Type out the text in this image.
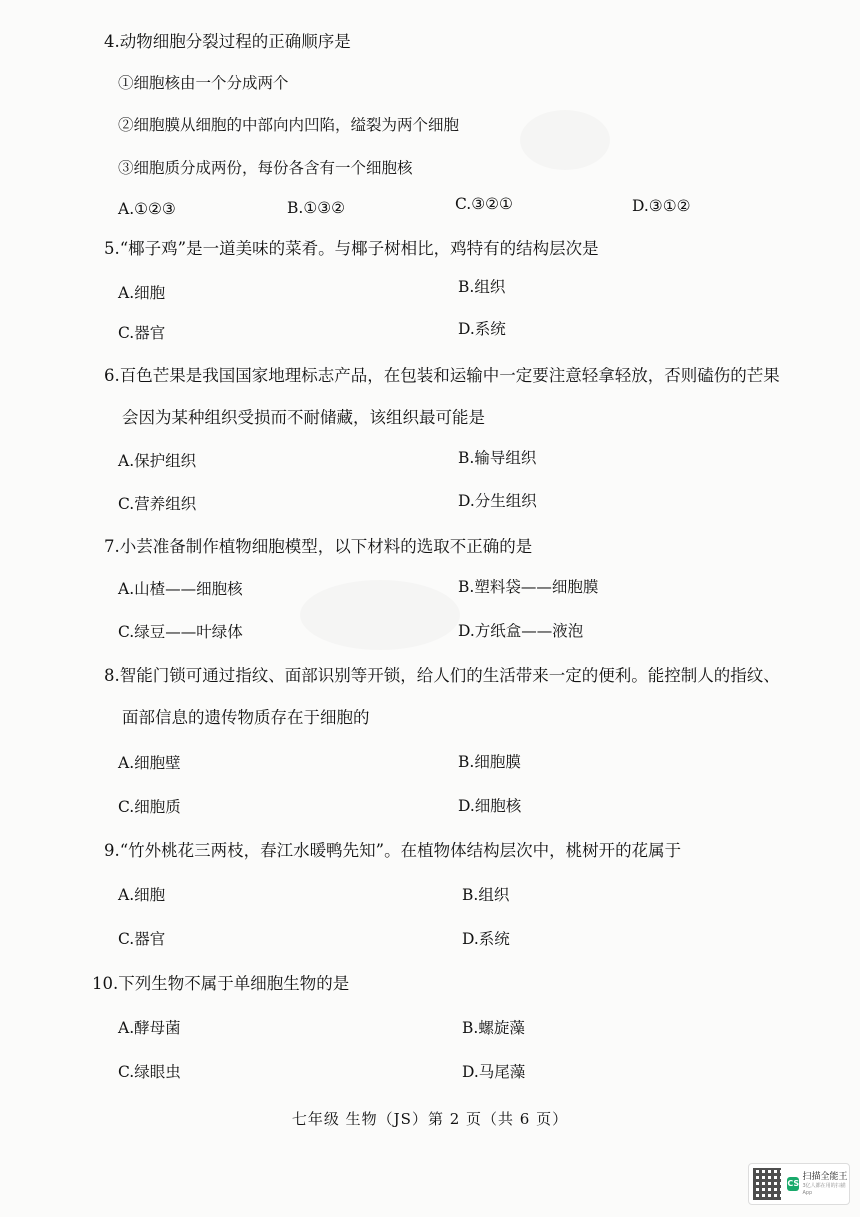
4.动物细胞分裂过程的正确顺序是
①细胞核由一个分成两个
②细胞膜从细胞的中部向内凹陷，缢裂为两个细胞
③细胞质分成两份，每份各含有一个细胞核
A.①②③	B.①③②	C.③②①	D.③①②
5.“椰子鸡”是一道美味的菜肴。与椰子树相比，鸡特有的结构层次是
A.细胞	B.组织
C.器官	D.系统
6.百色芒果是我国国家地理标志产品，在包装和运输中一定要注意轻拿轻放，否则磕伤的芒果
会因为某种组织受损而不耐储藏，该组织最可能是
A.保护组织	B.输导组织
C.营养组织	D.分生组织
7.小芸准备制作植物细胞模型，以下材料的选取不正确的是
A.山楂——细胞核	B.塑料袋——细胞膜
C.绿豆——叶绿体	D.方纸盒——液泡
8.智能门锁可通过指纹、面部识别等开锁，给人们的生活带来一定的便利。能控制人的指纹、
面部信息的遗传物质存在于细胞的
A.细胞壁	B.细胞膜
C.细胞质	D.细胞核
9.“竹外桃花三两枝，春江水暖鸭先知”。在植物体结构层次中，桃树开的花属于
A.细胞	B.组织
C.器官	D.系统
10.下列生物不属于单细胞生物的是
A.酵母菌	B.螺旋藻
C.绿眼虫	D.马尾藻
七年级 生物（JS）第 2 页（共 6 页）
CS
扫描全能王
3亿人都在用的扫描App
